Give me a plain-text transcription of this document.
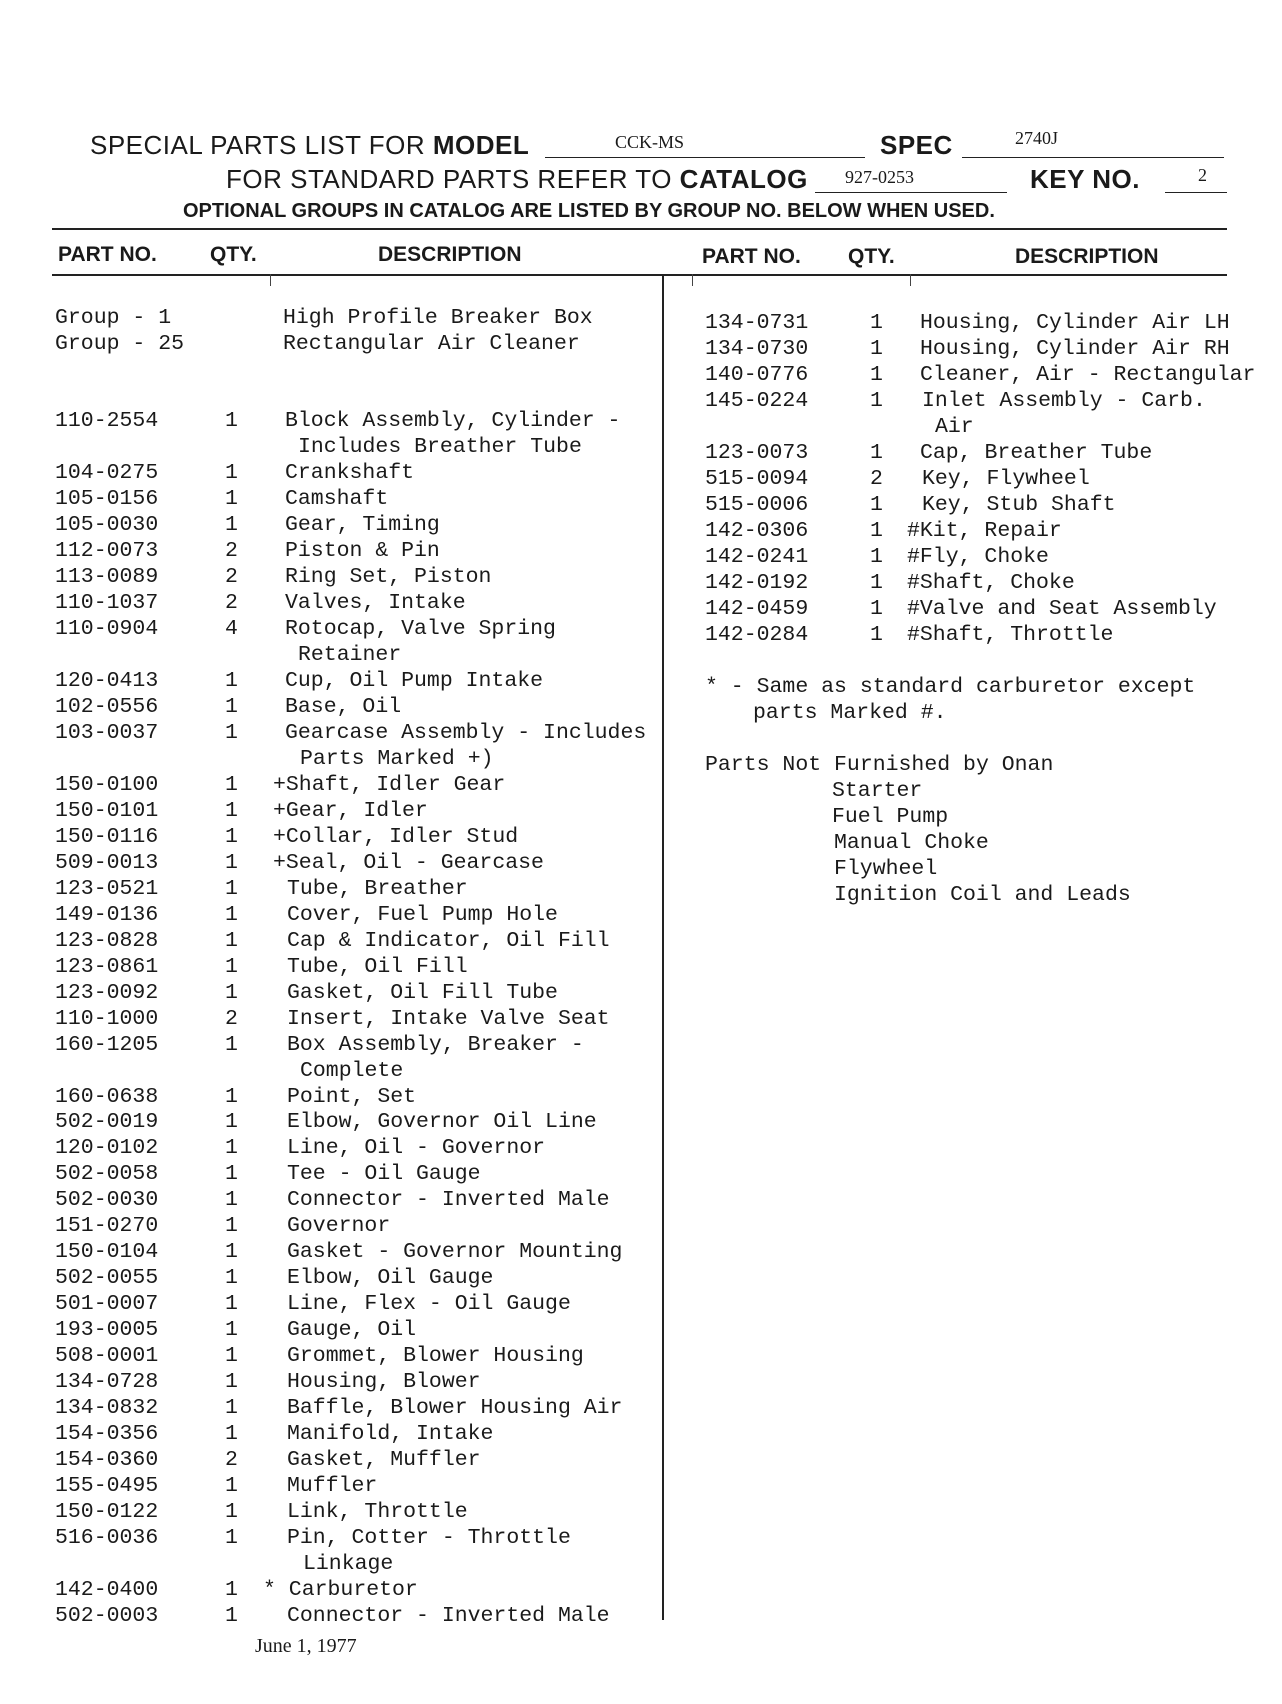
SPECIAL PARTS LIST FOR MODEL	CCK-MS	SPEC	2740J
FOR STANDARD PARTS REFER TO CATALOG 927-0253	KEY NO.	2
OPTIONAL GROUPS IN CATALOG ARE LISTED BY GROUP NO. BELOW WHEN USED.
PART NO.	QTY.	DESCRIPTION	PART NO. QTY.	DESCRIPTION
Group - 1	High Profile Breaker Box
Group - 25	Rectangular Air Cleaner
110-2554	1 Block Assembly, Cylinder -
Includes Breather Tube
104-0275	1 Crankshaft
105-0156	1 Camshaft
105-0030	1 Gear, Timing
112-0073	2 Piston & Pin
113-0089	2 Ring Set, Piston
110-1037	2 Valves, Intake
110-0904	4 Rotocap, Valve Spring
Retainer
120-0413	1 Cup, Oil Pump Intake
102-0556	1 Base, Oil
103-0037	1 Gearcase Assembly - Includes
Parts Marked +)
150-0100	1 +Shaft, Idler Gear
150-0101	1 +Gear, Idler
150-0116	1 +Collar, Idler Stud
509-0013	1 +Seal, Oil - Gearcase
123-0521	1 Tube, Breather
149-0136	1 Cover, Fuel Pump Hole
123-0828	1 Cap & Indicator, Oil Fill
123-0861	1 Tube, Oil Fill
123-0092	1 Gasket, Oil Fill Tube
110-1000	2 Insert, Intake Valve Seat
160-1205	1 Box Assembly, Breaker -
Complete
160-0638	1 Point, Set
502-0019	1 Elbow, Governor Oil Line
120-0102	1 Line, Oil - Governor
502-0058	1 Tee - Oil Gauge
502-0030	1 Connector - Inverted Male
151-0270	1 Governor
150-0104	1 Gasket - Governor Mounting
502-0055	1 Elbow, Oil Gauge
501-0007	1 Line, Flex - Oil Gauge
193-0005	1 Gauge, Oil
508-0001	1 Grommet, Blower Housing
134-0728	1 Housing, Blower
134-0832	1 Baffle, Blower Housing Air
154-0356	1 Manifold, Intake
154-0360	2 Gasket, Muffler
155-0495	1 Muffler
150-0122	1 Link, Throttle
516-0036	1 Pin, Cotter - Throttle
Linkage
142-0400	1 * Carburetor
502-0003	1 Connector - Inverted Male
134-0731	1 Housing, Cylinder Air LH
134-0730	1 Housing, Cylinder Air RH
140-0776	1 Cleaner, Air - Rectangular
145-0224	1 Inlet Assembly - Carb.
Air
123-0073	1 Cap, Breather Tube
515-0094	2 Key, Flywheel
515-0006	1 Key, Stub Shaft
142-0306	1 #Kit, Repair
142-0241	1 #Fly, Choke
142-0192	1 #Shaft, Choke
142-0459	1 #Valve and Seat Assembly
142-0284	1 #Shaft, Throttle
* - Same as standard carburetor except
parts Marked #.
Parts Not Furnished by Onan
Starter
Fuel Pump
Manual Choke
Flywheel
Ignition Coil and Leads
June 1, 1977
